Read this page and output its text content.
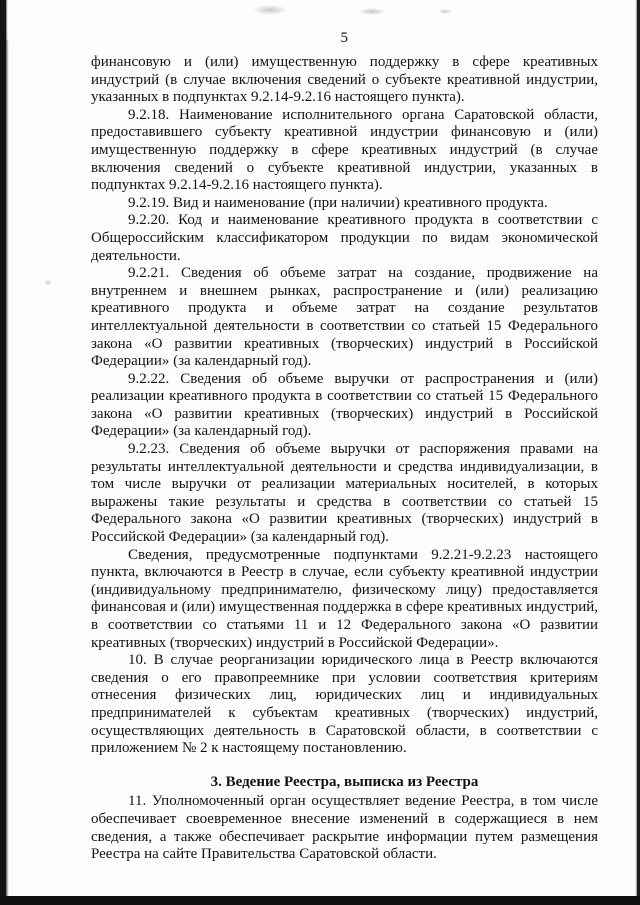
5

финансовую и (или) имущественную поддержку в сфере креативных индустрий (в случае включения сведений о субъекте креативной индустрии, указанных в подпунктах 9.2.14-9.2.16 настоящего пункта).

9.2.18. Наименование исполнительного органа Саратовской области, предоставившего субъекту креативной индустрии финансовую и (или) имущественную поддержку в сфере креативных индустрий (в случае включения сведений о субъекте креативной индустрии, указанных в подпунктах 9.2.14-9.2.16 настоящего пункта).

9.2.19. Вид и наименование (при наличии) креативного продукта.

9.2.20. Код и наименование креативного продукта в соответствии с Общероссийским классификатором продукции по видам экономической деятельности.

9.2.21. Сведения об объеме затрат на создание, продвижение на внутреннем и внешнем рынках, распространение и (или) реализацию креативного продукта и объеме затрат на создание результатов интеллектуальной деятельности в соответствии со статьей 15 Федерального закона «О развитии креативных (творческих) индустрий в Российской Федерации» (за календарный год).

9.2.22. Сведения об объеме выручки от распространения и (или) реализации креативного продукта в соответствии со статьей 15 Федерального закона «О развитии креативных (творческих) индустрий в Российской Федерации» (за календарный год).

9.2.23. Сведения об объеме выручки от распоряжения правами на результаты интеллектуальной деятельности и средства индивидуализации, в том числе выручки от реализации материальных носителей, в которых выражены такие результаты и средства в соответствии со статьей 15 Федерального закона «О развитии креативных (творческих) индустрий в Российской Федерации» (за календарный год).

Сведения, предусмотренные подпунктами 9.2.21-9.2.23 настоящего пункта, включаются в Реестр в случае, если субъекту креативной индустрии (индивидуальному предпринимателю, физическому лицу) предоставляется финансовая и (или) имущественная поддержка в сфере креативных индустрий, в соответствии со статьями 11 и 12 Федерального закона «О развитии креативных (творческих) индустрий в Российской Федерации».

10. В случае реорганизации юридического лица в Реестр включаются сведения о его правопреемнике при условии соответствия критериям отнесения физических лиц, юридических лиц и индивидуальных предпринимателей к субъектам креативных (творческих) индустрий, осуществляющих деятельность в Саратовской области, в соответствии с приложением № 2 к настоящему постановлению.

3. Ведение Реестра, выписка из Реестра

11. Уполномоченный орган осуществляет ведение Реестра, в том числе обеспечивает своевременное внесение изменений в содержащиеся в нем сведения, а также обеспечивает раскрытие информации путем размещения Реестра на сайте Правительства Саратовской области.
